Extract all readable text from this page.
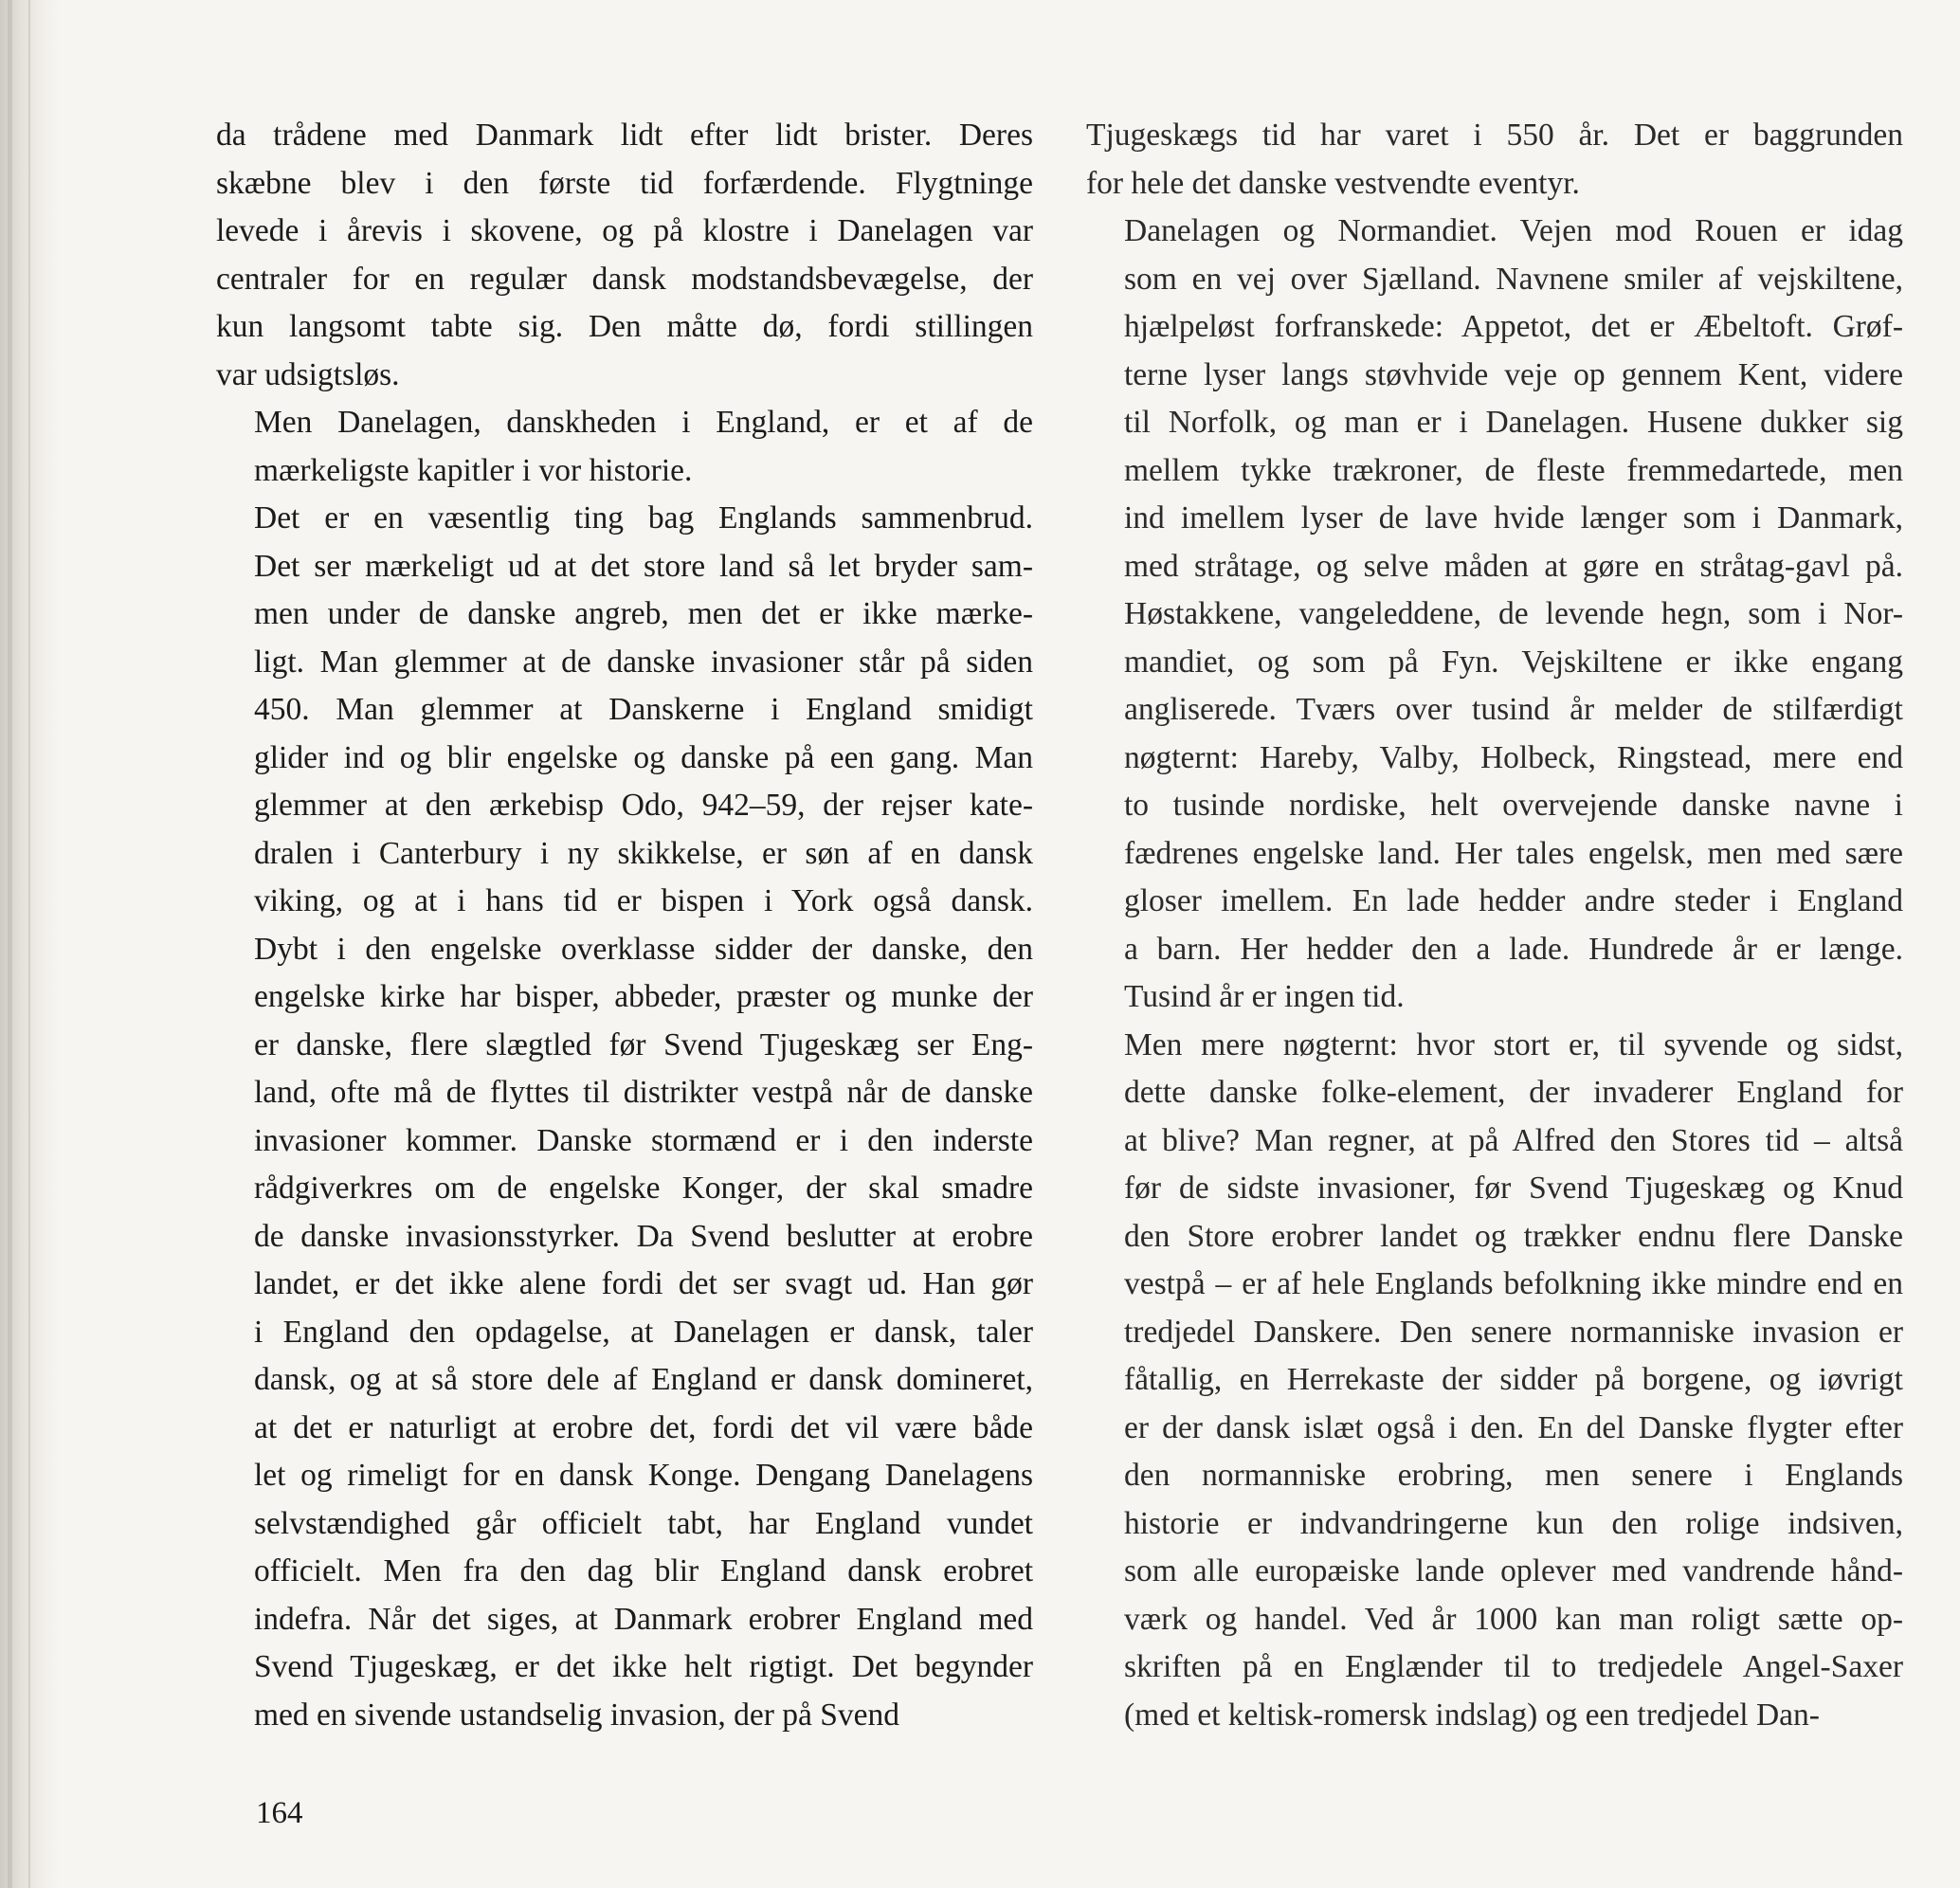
da trådene med Danmark lidt efter lidt brister. Deres
skæbne blev i den første tid forfærdende. Flygtninge
levede i årevis i skovene, og på klostre i Danelagen var
centraler for en regulær dansk modstandsbevægelse, der
kun langsomt tabte sig. Den måtte dø, fordi stillingen
var udsigtsløs.

Men Danelagen, danskheden i England, er et af de
mærkeligste kapitler i vor historie.

Det er en væsentlig ting bag Englands sammenbrud.
Det ser mærkeligt ud at det store land så let bryder sam-
men under de danske angreb, men det er ikke mærke-
ligt. Man glemmer at de danske invasioner står på siden
450. Man glemmer at Danskerne i England smidigt
glider ind og blir engelske og danske på een gang. Man
glemmer at den ærkebisp Odo, 942–59, der rejser kate-
dralen i Canterbury i ny skikkelse, er søn af en dansk
viking, og at i hans tid er bispen i York også dansk.
Dybt i den engelske overklasse sidder der danske, den
engelske kirke har bisper, abbeder, præster og munke der
er danske, flere slægtled før Svend Tjugeskæg ser Eng-
land, ofte må de flyttes til distrikter vestpå når de danske
invasioner kommer. Danske stormænd er i den inderste
rådgiverkres om de engelske Konger, der skal smadre
de danske invasionsstyrker. Da Svend beslutter at erobre
landet, er det ikke alene fordi det ser svagt ud. Han gør
i England den opdagelse, at Danelagen er dansk, taler
dansk, og at så store dele af England er dansk domineret,
at det er naturligt at erobre det, fordi det vil være både
let og rimeligt for en dansk Konge. Dengang Danelagens
selvstændighed går officielt tabt, har England vundet
officielt. Men fra den dag blir England dansk erobret
indefra. Når det siges, at Danmark erobrer England med
Svend Tjugeskæg, er det ikke helt rigtigt. Det begynder
med en sivende ustandselig invasion, der på Svend

Tjugeskægs tid har varet i 550 år. Det er baggrunden
for hele det danske vestvendte eventyr.

Danelagen og Normandiet. Vejen mod Rouen er idag
som en vej over Sjælland. Navnene smiler af vejskiltene,
hjælpeløst forfranskede: Appetot, det er Æbeltoft. Grøf-
terne lyser langs støvhvide veje op gennem Kent, videre
til Norfolk, og man er i Danelagen. Husene dukker sig
mellem tykke trækroner, de fleste fremmedartede, men
ind imellem lyser de lave hvide længer som i Danmark,
med stråtage, og selve måden at gøre en stråtag-gavl på.
Høstakkene, vangeleddene, de levende hegn, som i Nor-
mandiet, og som på Fyn. Vejskiltene er ikke engang
angliserede. Tværs over tusind år melder de stilfærdigt
nøgternt: Hareby, Valby, Holbeck, Ringstead, mere end
to tusinde nordiske, helt overvejende danske navne i
fædrenes engelske land. Her tales engelsk, men med sære
gloser imellem. En lade hedder andre steder i England
a barn. Her hedder den a lade. Hundrede år er længe.
Tusind år er ingen tid.

Men mere nøgternt: hvor stort er, til syvende og sidst,
dette danske folke-element, der invaderer England for
at blive? Man regner, at på Alfred den Stores tid – altså
før de sidste invasioner, før Svend Tjugeskæg og Knud
den Store erobrer landet og trækker endnu flere Danske
vestpå – er af hele Englands befolkning ikke mindre end en
tredjedel Danskere. Den senere normanniske invasion er
fåtallig, en Herrekaste der sidder på borgene, og iøvrigt
er der dansk islæt også i den. En del Danske flygter efter
den normanniske erobring, men senere i Englands
historie er indvandringerne kun den rolige indsiven,
som alle europæiske lande oplever med vandrende hånd-
værk og handel. Ved år 1000 kan man roligt sætte op-
skriften på en Englænder til to tredjedele Angel-Saxer
(med et keltisk-romersk indslag) og een tredjedel Dan-

164
